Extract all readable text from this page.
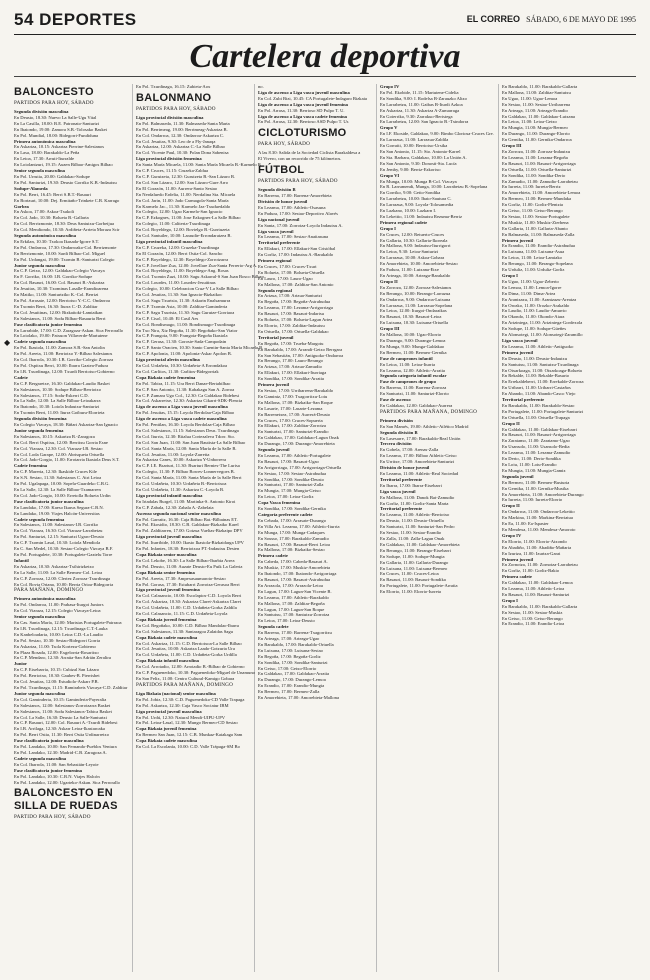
54 DEPORTES	EL CORREO SÁBADO, 6 DE MAYO DE 1995
Cartelera deportiva
BALONCESTO
PARTIDOS PARA HOY, SÁBADO
Segunda división masculina
En Deusto, 18.30: Nuevo La Salle-Ugu Vital
En La Casilla, 18.00: B.E. Patronato-Santurtzi
En Ibaiondo, 19.00: Zamora S.B.-Tolosako Basket
En Pol. Mundial, 18.00: Bidegorri-Fundiduna
Primera autonómica masculina
En Askartza, 10.15: Askartza Pierrine-Salesianos
En Lasa, 18.00: Barakaldo-La Peña
En Leioa, 17.30: Arruti-Iturralde
En Loiolantzuri, 19.15: Auzen Bilbao-Amigos Bilbao
Senior segunda masculina
En Pol. Urrutia, 20.00: Galdakao-Sodupe
En Pol. Santurtzi, 19.30: Deusto Gorriko K.B.-Indautxu
Sodupe-Alameda
En Pol. Berri, 16.45: Berri S.B.T.-Basauri
En Bortzuri, 10.00: Dej. Ermitaño-Trinkete C.B. Karrago
Gorbea
En Askoa, 17.00: Askoa-Txakoli
En Col. Jado, 10.30: Bolueta B.-Gallarta
En Col. Berrizmonte, 18.30: Deus Santutxu-Gorbeijua
En Col. Mendiondo, 10.30: Ardiñeta-Arrieta Moraza Scir
Segunda autonómica masculina
En Erkilan, 10.30: Txokoa Ikasada-Igorre S.T.
En Pol. Ondarroa, 17.30: Ondarroako-Col. Berrizmonte
En Berrizmonte, 10.00: Sardi Bilbao-Col. Miguel
En Pol. Urdangai, 19.00: Txomin B.-Santurtzi Colegio
Junior segunda masculina
En C.P. Getxo, 12.00: Galdakao-Colegio Vizcaya
En F. Gorriko, 16.00: I.B. Gorriko-Sodupe
En Col. Basauri, 16.00: Col. Basauri B.-Askartza
En Jesuitas, 10.30: Txominas Lasalle-Erandioarena
En Matiko, 11.00: Santurtziko K.-Col. Berrizi
En Pol. Arrasate, 12.00: Berriotxo Y.-C.C. Ondarroa
En Txomin Berri, 16.30: Iturra C.-D. Zalditar
En Col. Jesuitinas, 12.00: Bizkaitoki-Lamiaikan
En Salesianos, 11.00: Sodu Bilbao-Basauria Berri
Fase clasificatoria junior femenina
En Larrabide, 17.00: C.D. Zaragoza-Askan. Sica Ferrorallo
En Loiolako, 19.00: Patxuon Villaverde-Martutene
Cadete segunda masculina
En Pol. Ikastola, 11.00: Zamora S.B.-San Antolin
En Pol. Areeta, 11.00: Berriotxo Y.-Bilbao Salesianos
En Col. Ibarrola, 10.30: I.B. Gorriko-Colegio Zorroza
En Pol. Ospitxu Berri, 10.00: Ibarra Gaztea-Fadura
En I.B. Txurdinaga, 12.00: Txurdi Berriotxo-Gobierno
Cadete
En C.P. Bergaretxe, 16.30: Galdakao-Laudio Basket
En Salesianos, 10.30: Sodupe Bilbao-Berriotxo
En Salesianos, 17.15: Sodu-Eskerri C.D.
En La Salle, 12.00: La Salle Bilbao-Leioakarra
En Ibaiondo, 10.30: Loiola Indautxu-Santurtzi
En Txomin Berri, 11.00: Iturra Goiburu-Elorrieta
Segunda división femenina
En Colegio Vizcaya, 18.30: Biñari Askartza-San Ignacio
Junior segunda femenina
En Salesianos, 10.15: Askartza B.-Zaragoza
En Col. Berri Ospitxu, 12.00: Berritxu Gorria Esne
En Col. Viaraza, 12.30: Col. Viaraza-I.B. Sestao
En Col. Loda Garape, 12.00: Abrisqueta Ortuella
En Col. Jado-Gorgio, 11.00: Errotarria Ikastola Deus S.T.
Cadete femenina
En C.P. Mareria, 12.30: Ikaskide Cruces Kile
En S.N. Sestao, 11.30: Salesianos C. Atri Leioa
En Pol. Ugalapaga, 10.00: Sopela-Guardeko C.B.G.
En La Salle, 12.30: La Salle Bilbao-Txamarren
En Col. Jado-Gorgio, 10.00: Erretolla Bolueta Urdin
Fase clasificatoria junior masculina
En Landako, 17.00: Kaeso Ikarus Segura-C.B.N.
En Landako, 19.00: Viajes Halcón-Universitas
Cadete segunda femenina
En Salesianos, 11.00: Salesianos-I.B. Gorriko
En Col. Viaraza, 16.30: Col. Viaraza-Larrabetzu
En Pol. Santurtzi, 12.15: Santurtzi Ugaro-Deusto
En C.P. Txomin Lasal, 10.30: Loiola Mendiola
En C. San Medel, 10.30: Sestao-Colegio Vizcaya B.F.
En Pol. Portugalete, 10.30: Portugalete-Gaztelu Torre
Infantil
En Askartza, 10.30: Askartza-Txihirizketxo
En La Salle, 11.00: La Salle Bermeo-Col. Leioa
En C.P. Zorroza, 12.00: Cleriez Zorroza-Txurdinaga
En Col. Bovia Oriana, 10.00: Berria Orioa-Bidegorria
PARA MAÑANA, DOMINGO
Primera autonómica masculina
En Pol. Ondarroa, 11.00: Prabasa-Iturgoi Juniors
En Col. Viaraza, 12.15: Colegio Vizcaya-Leioa
Senior segunda masculina
En Cas. Santa María, 12.00: Maristas Portugalete-Pairraoa
En I.B. Txurdinaga, 12.15: Txurdinaga C.T.-Lauka
En Kanbeloadaria, 10.00: Leioa C.D.-La Laudio
En Pol. Sestao, 10.30: Sestao-Bidegorri Gorria
En Askartza, 11.00: Tsola Kortezu-Gobierno
En Plaza Rosada, 12.00: Exgelorria-Rosaritxo
En C.P. Mendaro, 12.30: Arratia-San Adrián Zeralira
Junior
En C.P. Etxebarria, 10.15: Cubizal San Lázaro
En Pol. Berriotxo, 10.30: Gaubes-B. Pierrisbet
En Col. Jesuitas, 12.00: Estudiolo-Askarr P.B.
En Pol. Txurdinaga, 11.15: Ramirabeis Vizcaya-C.D. Zalditar
Junior segunda masculina
En Col. Gaminderia, 10.15: Gaminderia-Payeralia
En Salesianos, 12.00: Salesianos-Zorrotzarra Basket
En Salesianos, 11.00: Sodu Salesianos-Tabica Basket
En Col. La Salle, 16.30: Deusto La Salle-Santurtzi
En C.P. Basauri, 12.00: Col. Basauri A.-Txurdi Bidebesi
En I.B. Arrilaga, 12.30: Askarr Leioa-Ikastaroaka
En Pol. Berri Ostia, 11.30: Berri Ostia Urdinarretxo
Fase clasificatoria junior masculina
En Pol. Landako, 10.00: San Fernando-Pueblos Ventura
En Pol. Landako, 12.30: Madrid-C.B. Zaragoza A.
Cadete segunda masculina
En Col. Ibarrola, 11.00: San Sebastián-Leyoie
Fase clasificatoria junior femenina
En Pol. Landako, 10.30: C.B.N. Viajes Halcón
En Pol. Landako, 12.00: Ugarteko-Askan. Sica Ferrorallo
BALONCESTO EN SILLA DE RUEDAS
PARTIDO PARA HOY, SÁBADO
En Pol. Txurdinaga, 16.15: Zubieta-Aox
BALONMANO
PARTIDOS PARA HOY, SÁBADO
Liga provincial división masculina
En Pol. Balmaseda, 11.30: Balmaseda-Santa Marta
En Pol. Berrimeag, 19.00: Berrimeag-Askartza B.
En Col. Ondarroa, 12.30: Ondarroa-Askartza C.
En Col. Jesuitas, 9.30: Leo de a Fly-Janaqa
En Askartza, 12.00: Askartza C.-La Salle Bilbao
En Col. Vicente Paul, 10.30: Polan Dona Sabenisa
Liga provincial división femenina
En Santa María Micaela, 11.00: Santa María Micaela B.-Karmelo B.
En C.P. Cruces, 11.15: Cruzeka-Zaldua
En C.P. Gurutzeta, 12.30: Gurutzeta B.-San Lázaro B.
En Col. San Lázaro, 12.00: San Lázaro-Gure Arro
En El Corazón, 11.00: Aurrera-Santo Sestao
En Nerdaluedo Erdelia, 11.00: Nerdalina Sta. Micaela
En Col. Jarin, 11.00: Jado Carmagola-Santa María
En Karmelo Jac., 11.30: Karmelo Jaz-Txuduedaldo
En Colegio, 12.00: Ugao Karmelo-San Ignacio
En C.P. Ezkognes, 11.00: Jose Ezkognes-La Salle Bilbao
En Colegio, 11.00: Caliteria-Txurdinaga
En Col. Boyeldego, 12.00: Bovielgo B.-Gurrtuzeta
En Col. Santuiler, 10.00: Laraudie-Errondaratzea B.
Liga provincial infantil masculina
En C.P. Cruzeka, 12.00: Cruzeka-Txurdinaga
En El Corazón, 12.00: Berri Ostia-Col. Sancho
En C.P. Boyeldego, 12.30: Boyeldego-Zorrotzarra
En C.P. Jovellare Zua, 12.00: Jovellare Zua-Santa Ferrerio-Arg A.
En Col. Boyeldego, 11.00: Boyeldego-Ang. Rosas
En Col. Txomin Zuzi, 10.00: Sagu Askarral-S San Juan Bosco Bilbao
En Col. Lourdes, 11.00: Lourdes-Jesuitinas
En Colegio, 10.00: Celebracion Cruz-V La Salle Bilbao
En Col. Jesuitas, 11.30: San Ignacio-Bizkaikoc
En Col. Sagu Txurtsia, 11.30: Askarin Enalsamurra
En C.P. Txomin Asta, 10.00: Zalditar-Gaminderia
En C.P. Sagu Txurtsia, 11.30: Sagu Gurutze-Gorriaoa
En C.P. Cisol, 10.40: El Casil Aes
En Col. Bondismago, 11.00: Bondismago-Txurdinaga
En Txo Nira, Xtz Begoña, 11.30: Begoñako-San Viator
En C.P. Frangoia, 9.00: Frangoia-Begoña Ikastola
En C.P. Gerasa, 11.30: Gorosie-Sada-Campodain
En C.P. Santo Oracien, 10.30: Santo Cuentin-Santa María Micaela B.
En C.P. Apolonia, 11.00: Apolonia-Askar Apolon B.
Liga provincial alevín masculina
En Col. Urdañeta, 10.30: Urdañeta-A Errondakoa
En Col. Carlitos, 11.30: Carlitos-Bidegorriak
Copa Bizkaia cadete femenina
En Pol. Tabira, 11.15: Ura Berri Danae-Bertabilbao
En C.P. San Antonio, 11.30: Kabakagu San A. Zorroa
En C.P. Zumara Ugo Col., 12.30: Ca Galdakao Bidebesi
En Col. Askarretxe, 12.30: Askartza Cikarri-SDK-Plencia
Liga de ascenso a Liga vasca juvenil masculina
En Pol. Jesuitas, 15.15: Loyola Berdolaa-Caja Bilbao
Liga de ascenso a Liga vasca cadete masculina
En Pol. Pentilan, 16.30: Loyola Berdolaa-Caja Bilbao
En Col. Salesianos, 11.15: Salesianos Deus. Txurdinaga
En Col. Iturria, 12.30: Ritalua Cortezaleva Tdorr. Sto.
En Col. San Juan, 11.00: San Juan Bautista-La Salle Bilbao
En Col. Santa María, 12.00: Santa María de la Salle B.
En Col. Jesuitas, 11.00: Loyola-Zarretta
En Askartza Canes, 10.00: Askartza Y-Unborrera
En C.P. I.E. Bsarturi, 11.30: Bsarturi Bernies-The Lurisa
En Colegio, 11.30: P. Bilbao Bowes-Lonnervegoes B.
En Col. Santa María, 11.00: Santa María de la Salle Berri
En Col. Urdañeta, 10.30: Urdañeta B.-Berriotxoa
En Col. Urdañeta, 11.30: Askartza C.-Loyola B.
Liga provincial infantil masculina
En Iriadalas Burgel, 11.00: Martinka-S. Antonio Kiroi
En C.P. Zabala, 12.30: Zabala A.-Zabelaia
Ascenso segunda nacional senior masculina
En Pol. Garraitz, 16.30: Caja Bilbao Bat.-Bilbainas ET.
En Pol. Ekosidio, 18.30: C.B. Galdakao-Bizkaiko Karel
En Pol. Zalditarren, 17.00: Gotzua Vueltas-Bizkaipo DPV
Liga provincial juvenil masculina
En Pol. Iturribide, 10.00: Ikasto Ikastola-Bizkaidarga UPV
En Pol. Infantes, 18.30: Berriotxoa PT.-Indautxu Desten
Copa Bizkaia senior masculina
En Col. Lekobe, 16.30: La Salle Bilbao-Ibarbia Arrea
En Pol. Deusto, 11.00: Auzate Deusto-Eu Puik La Galeria
Copa Bizkaia senior femenina
En Pol. Areeta, 17.30: Ampexasaumaroto-Sestao
En Pol. Gorasa, 17.30: Estubarri Zorrotza-Gerasoa Berri
Liga provincial juvenil femenina
En Col. Calasancio, 10.00: Escolapios-C.D. Loyola Berri
En Col. Askartza, 10.30: Askartza Claret-Askartza Claret
En Col. Urdañeta, 11.00: C.D. Urdañeta-Gorka Zaldila
En Col. Calasancio, 11.15: C.D. Urdañeta-Loyola
Copa Bizkaia juvenil femenina
En Col. Begoñako, 10.00: C.D. Bilbao Mandalao-Ibarra
En Col. Salesianos, 11.30: Santaragoa Zalaidas Sagu
Copa Bizkaia cadete masculina
En Col. Askartza, 11.15: C.D. Berriotxoa-La Salle Bilbao
En Col. Jesuitas, 10.00: Askartza Laado-Gotzuria Ura
En Col. Urdañeta, 11.00: C.D. Urdañeta-Gorka Urdilla
Copa Bizkaia infantil masculina
En Col. Arrotadio, 12.00: Arrotadio B.-Bilbao de Gobierno
En C.P. Paguenedoko, 10.30: Paguenedoko-Miguel de Unamuno
En San Felix, 11.00: Centro Cultural-Kamigo Gobara
PARTIDOS PARA MAÑANA, DOMINGO
Liga Bizkaia (nacional) senior masculina
En Pol. Jobiz, 12.30: C.D. Paguenedoko-CD Valle Trapaga
En Pol. Askartza, 12.30: Caja Vasco Sociatur IBM
Liga provincial juvenil masculina
En Pol. Urdú, 12.30: Natural Mendi-UIPU-UPV
En Pol. Leioa-Lasal, 12.30: Mungo Bermeo-CD Sestao
Copa Bizkaia juvenil femenina
En Bermeo San Juan, 12.15: C.B. Munkaz-Kaiakaga Sam
Copa Bizkaia cadete masculina
En Col. La Escolanía, 10.00: C.D. Valle Trápaga-SM Bo
no.
Liga de ascenso a Liga vasca juvenil masculina
En Col. Zubi Bizi, 10.45: CA Portugalete-Indagaro Bizkaia
Liga de ascenso a Liga vasca juvenil femenina
En Pol. Arrasa, 11.30: Berrioso SD Pulpo T. U.
Liga de ascenso a Liga vasca cadete femenina
En Pol. Arrasa, 12.30: Berrioso ASD Pulpo T. Ur.
CICLOTURISMO
PARA HOY, SÁBADO
A las 8.30: Salida de la Sociedad Ciclista Barakaldesa a
El Vivero, con un recorrido de 75 kilómetros.
FÚTBOL
PARTIDOS PARA HOY, SÁBADO
Segunda división B
En Barrena, 17.00: Barrena-Amorebieta
División de honor juvenil
En Lezama, 17.00: Athletic-Osasuna
En Padura, 17.00: Sestao-Deportivo Alavés
Liga nacional juvenil
En Santa, 17.00: Zorrotza-Loyola Indautxu A.
Liga vasca juvenil
En Lezama, 17.00: Sestao-Anaitasuna
Territorial preferente
En Ellakuri, 17.00: Ellakuri-San Cristóbal
En Gorliz, 17.00: Indautxu A.-Barakaldo
Primera regional
En Cruces, 17.00: Cruces-Txuri
En Bolueta, 17.00: Bolueta-Ortuella
En Lauro, 17.00: Lauro-Ugao
En Mallona, 17.00: Zalditar-San Antonio
Segunda regional
En Artzua, 17.00: Artzua-Santurtzi
En Begoña, 17.00: Begoña-Astrabudua
En Lezama, 17.00: Lezama-Arrigorriaga
En Basauri, 17.00: Basauri-Indartsu
En Bolueta, 17.00: Bolueta-Lagun Artea
En Elorrio, 17.00: Zalditar-Indautxu
En Ortuella, 17.00: Ortuella-Galdakao
Territorial juvenil
En Begoña, 17.00: Trueba-Margotu
En Barakaldo, 17.00: Arrandi-Getxo Berrgara
En San Sebastián, 17.00: Antiguoko-Ondarroa
En Berango, 17.00: Lauro-Berango
En Artzua, 17.00: Artzua-Zamudio
En Ellakuri, 17.00: Ellakuri-Iturriaga
En Sondika, 17.00: Sondika-Arratia
Primera juvenil
En Sestao, 17.00: Urribarrena-Barakaldo
En Gaminiz, 17.00: Txagorritxu-Loiu
En Mallona, 17.00: Bizkaiko-San Roque
En Lasarte, 17.00: Lasarte-Lezama
En Barrenetxea, 17.00: Aurrerá-Deusto
En Cruces, 17.00: Cruces-Sopuerta
En Ellakuri, 17.00: Zalditar-Zorrotza
En Santurtzi, 17.00: Santurtzi-Erandio
En Galdakao, 17.00: Galdakao-Lagun Onak
En Durango, 17.00: Durango-Amorebieta
Segunda juvenil
En Lezama, 17.00: Athletic-Portugalete
En Basauri, 17.00: Basauri-Ugao
En Arrigorriaga, 17.00: Arrigorriaga-Ortuella
En Sestao, 17.00: Sestao-Astrabudua
En Sondika, 17.00: Sondika-Deusto
En Santurtzi, 17.00: Santurtzi-Zalla
En Mungia, 17.00: Mungia-Getxo
En Leioa, 17.00: Leioa-Gorliz
Copa Vasca femenina
En Sondika, 17.00: Sondika-Gernika
Categoría preferente cadete
En Cebada, 17.00: Arrasate-Durango
En Villa Art. Lezama, 17.00: Athletic-Iturria
En Munga, 17.00: Munga-Cadaques
En Sousur, 17.00: Barakaldo-Zamudio
En Basauri, 17.00: Basauri-Berri Leioa
En Mallona, 17.00: Bizkaiko-Sestao
Primera cadete
En Cabeda, 17.00: Cabeda-Basauri A.
En Muskiz, 17.00: Muskiz-Amorebieta
En Ibaiondo, 17.00: Ibaiondo-Arrigorriaga
En Basauri, 17.00: Basauri-Astrabudua
En Arrazola, 17.00: Arrazola-Leioa
En Lagun, 17.00: Lagun-San Vicente B.
En Lezama, 17.00: Athletic-Barakaldo
En Mallona, 17.00: Zalditar-Begoña
En Lagun, 17.00: Lagun-San Roque
En Santutxu, 17.00: Santutxu-Zorrotza
En Leioa, 17.00: Leioa-Deusto
Segunda cadete
En Barrena, 17.00: Barrena-Txagorritxu
En Arteaga, 17.00: Arteaga-Ugao
En Barakaldo, 17.00: Barakaldo-Ortuella
En Lutxana, 17.00: Lutxana-Sestao
En Begoña, 17.00: Begoña-Gorliz
En Sondika, 17.00: Sondika-Santurtzi
En Getxo, 17.00: Getxo-Elorrio
En Galdakao, 17.00: Galdakao-Arratia
En Durango, 17.00: Durango-Lemoa
En Erandio, 17.00: Erandio-Mungia
En Bermeo, 17.00: Bermeo-Zalla
En Amorebieta, 17.00: Amorebieta-Mallona
Grupo IV
En Pol. Ekobide, 11.15: Martutene-Cidelia
En Sondika, 9.00: I. Rodelsa B-Zarauzko Altzo
En Larrabetzu, 11.00: Gaibas B-Iturdi Azkoa
En Askartza, 11.30: Askartza A-Zumarraga
En Goierriko, 9.30: Zarrakuo-Beristega
En Larrabetzu, 12.00: San Ignacio B.-Txindorra
Grupo V
En I.F. Ekoside, Galdakao, 9.00: Bimbo Gloriosa-Cruces Gre.
En Larrazua, 11.00: Larrazua-Zaldila
En Gorraiti, 10.00: Berriotxo-Ursika
En San Antonio, 11.15: Sto. Antonio-Karrel
En Sta. Barbara, Galdakao, 10.00: La Unión A.
En San Antonio, 9.30: Donosti-Sta. Lucía
En Jemby, 9.00: Berriz-Ezkortxo
Grupo VI
En Munga, 10.00: Munga B-Col. Vizcaya
En R. Larrumendi, Munga, 10.00: Larrabetzu B.-Sopelana
En Gorriko, 9.00: Getio-Sondika
En Larrabetzu, 10.00: Ibaio-Sautura C.
En Larrazua, 9.00: Loyola-Tolosamedia
En Lazkano, 10.00: Lazkarn I.
En Lekeitio, 11.00: Indautxu Rezuma-Berriz
Primera regional cadete
Grupo I
En Cruces, 12.00: Retuerto-Cruces
En Gallarta, 10.30: Gallarta-Ikoreala
En Mallona, 9.00: Indautxu-Iturrigorri
En Leioa, 9.30: Leioa-Santurtzi
En Larrazua, 10.00: Askoa-Gobara
En Amorebieta, 10.00: Amorebieta-Sestao
En Fadura, 11.00: Lutxana-Etxe
En Arteaga, 10.00: Arteaga-Barakaldo
Grupo II
En Zorroza, 12.00: Zorroza-Salesianos
En Berango, 10.00: Berango-Larrazua
En Ondarroa, 9.00: Ondarroa-Lutxana
En Larrazua, 11.00: Larrazua-Sopelana
En Leioa, 12.00: Iturgoi-Ondaraikas
En Basauri, 10.30: Basauri-Leioa
En Lutxana, 10.30: Lutxana-Ortuella
Grupo III
En Mallona, 10.00: Ugao-Elorrio
En Durango, 9.00: Durango-Lemoa
En Munga, 9.00: Munga-Galdakao
En Bermeo, 11.00: Bermeo-Gernika
Fase de campeones infantil
En Leioa, 11.00: Leioa-Iturria
En Lezama, 12.00: Athletic-Arratia
Segunda categoría infantil escolar
Fase de campeones de grupo
En Barrena, 11.00: Barrena-Zorroza
En Santurtzi, 11.00: Santurtzi-Elorrio
Fase de ascenso
En Galdakao, 12.00: Galdakao-Aurrera
PARTIDOS PARA MAÑANA, DOMINGO
Primera división
En San Mamés, 19.00: Athletic-Atlético Madrid
Segunda división B
En Lasesarre, 17.00: Barakaldo-Real Unión
Tercera división
En Gobela, 17.00: Arenas-Zalla
En Lezama, 17.00: Bilbao Athletic-Getxo
En Urritxe, 17.00: Amorebieta-Santurtzi
División de honor juvenil
En Lezama, 11.00: Athletic-Real Sociedad
Territorial preferente
En Ibarra, 17.00: Ibarra-Etxebarri
Liga vasca juvenil
En Mallona, 11.00: Danok Bat-Zamudio
En Gorliz, 11.00: Gorliz-Santa Marta
Territorial preferente
En Lezama, 11.00: Athletic-Berriotxo
En Deusto, 11.00: Deusto-Ortuella
En Santurtzi, 11.00: Santurtzi-San Pedro
En Sestao, 11.00: Sestao-Erandio
En Zalla, 11.00: Zalla-Lagun Onak
En Galdakao, 11.00: Galdakao-Amorebieta
En Berango, 11.00: Berango-Etxebarri
En Sodupe, 11.00: Sodupe-Mungia
En Gallarta, 11.00: Gallarta-Durango
En Lutxana, 11.00: Lutxana-Bermeo
En Cruces, 11.00: Cruces-Leioa
En Basauri, 11.00: Basauri-Sondika
En Portugalete, 11.00: Portugalete-Arratia
En Elorrio, 11.00: Elorrio-Iurreta
En Barakaldo, 11.00: Barakaldo-Gallarta
En Mallona, 11.00: Zalditar-Santutxu
En Ugao, 11.00: Ugao-Lemoa
En Sestao, 11.00: Sestao-Urribarrena
En Arteaga, 11.00: Arteaga-Erandio
En Galdakao, 11.00: Galdakao-Lutxana
En Leioa, 11.00: Leioa-Getxo
En Mungia, 11.00: Mungia-Bermeo
En Durango, 11.00: Durango-Elorrio
En Gernika, 11.00: Gernika-Ondarroa
Grupo III
En Zorroza, 11.00: Zorroza-Indautxu
En Lezama, 11.00: Lezama-Begoña
En Basauri, 11.00: Basauri-Arrigorriaga
En Ortuella, 11.00: Ortuella-Santurtzi
En Sondika, 11.00: Sondika-Derio
En Zamudio, 11.00: Zamudio-Larrabetzu
En Iurreta, 11.00: Iurreta-Berriz
En Amorebieta, 11.00: Amorebieta-Lemoa
En Bermeo, 11.00: Bermeo-Mundaka
En Gorliz, 11.00: Gorliz-Plentzia
En Getxo, 11.00: Getxo-Berango
En Sestao, 11.00: Sestao-Portugalete
En Muskiz, 11.00: Muskiz-Zierbena
En Gallarta, 11.00: Gallarta-Abanto
En Balmaseda, 11.00: Balmaseda-Zalla
Primera juvenil
En Erandio, 11.00: Erandio-Astrabudua
En Lutxana, 11.00: Lutxana-Asua
En Leioa, 11.00: Leioa-Lamiako
En Berango, 11.00: Berango-Sopelana
En Urduliz, 11.00: Urduliz-Gorliz
Grupo I
En Ugao, 11.00: Ugao-Zeberio
En Lemoa, 11.00: Lemoa-Igorre
En Dima, 11.00: Dima-Artea
En Arantzazu, 11.00: Arantzazu-Areatza
En Orozko, 11.00: Orozko-Arakaldo
En Laudio, 11.00: Laudio-Amurrio
En Okondo, 11.00: Okondo-Aiara
En Artziniega, 11.00: Artziniega-Gordexola
En Sodupe, 11.00: Sodupe-Güeñes
En Alonsotegi, 11.00: Alonsotegi-Zaramillo
Liga vasca juvenil
En Lezama, 11.00: Athletic-Antiguoko
Primera juvenil
En Deusto, 11.00: Deusto-Indautxu
En Santutxu, 11.00: Santutxu-Txurdinaga
En Otxarkoaga, 11.00: Otxarkoaga-Bolueta
En Rekalde, 11.00: Rekalde-Basurto
En Errekaldeberri, 11.00: Errekalde-Zorroza
En Uribarri, 11.00: Uribarri-Castaños
En Abando, 11.00: Abando-Casco Viejo
Territorial preferente
En Barakaldo, 11.00: Barakaldo-Sestao
En Portugalete, 11.00: Portugalete-Santurtzi
En Ortuella, 11.00: Ortuella-Trapaga
Grupo II
En Galdakao, 11.00: Galdakao-Etxebarri
En Basauri, 11.00: Basauri-Arrigorriaga
En Zaratamo, 11.00: Zaratamo-Ugao
En Usansolo, 11.00: Usansolo-Bedia
En Lezama, 11.00: Lezama-Zamudio
En Derio, 11.00: Derio-Sondika
En Loiu, 11.00: Loiu-Erandio
En Mungia, 11.00: Mungia-Gamiz
Segunda juvenil
En Bermeo, 11.00: Bermeo-Busturia
En Gernika, 11.00: Gernika-Muxika
En Amorebieta, 11.00: Amorebieta-Durango
En Iurreta, 11.00: Iurreta-Elorrio
Grupo II
En Ondarroa, 11.00: Ondarroa-Lekeitio
En Markina, 11.00: Markina-Berriatua
En Ea, 11.00: Ea-Ispaster
En Mendexa, 11.00: Mendexa-Amoroto
Grupo IV
En Elorrio, 11.00: Elorrio-Atxondo
En Abadiño, 11.00: Abadiño-Mañaria
En Izurtza, 11.00: Izurtza-Garai
Primera juvenil
En Zornotza, 11.00: Zornotza-Larrabetzu
En Gorliz, 11.00: Gorliz-Bakio
Primera cadete
En Galdakao, 11.00: Galdakao-Lemoa
En Lezama, 11.00: Athletic-Leioa
En Basauri, 11.00: Basauri-Santurtzi
Grupo I
En Barakaldo, 11.00: Barakaldo-Gallarta
En Sestao, 11.00: Sestao-Muskiz
En Getxo, 11.00: Getxo-Berango
En Erandio, 11.00: Erandio-Leioa
◆
